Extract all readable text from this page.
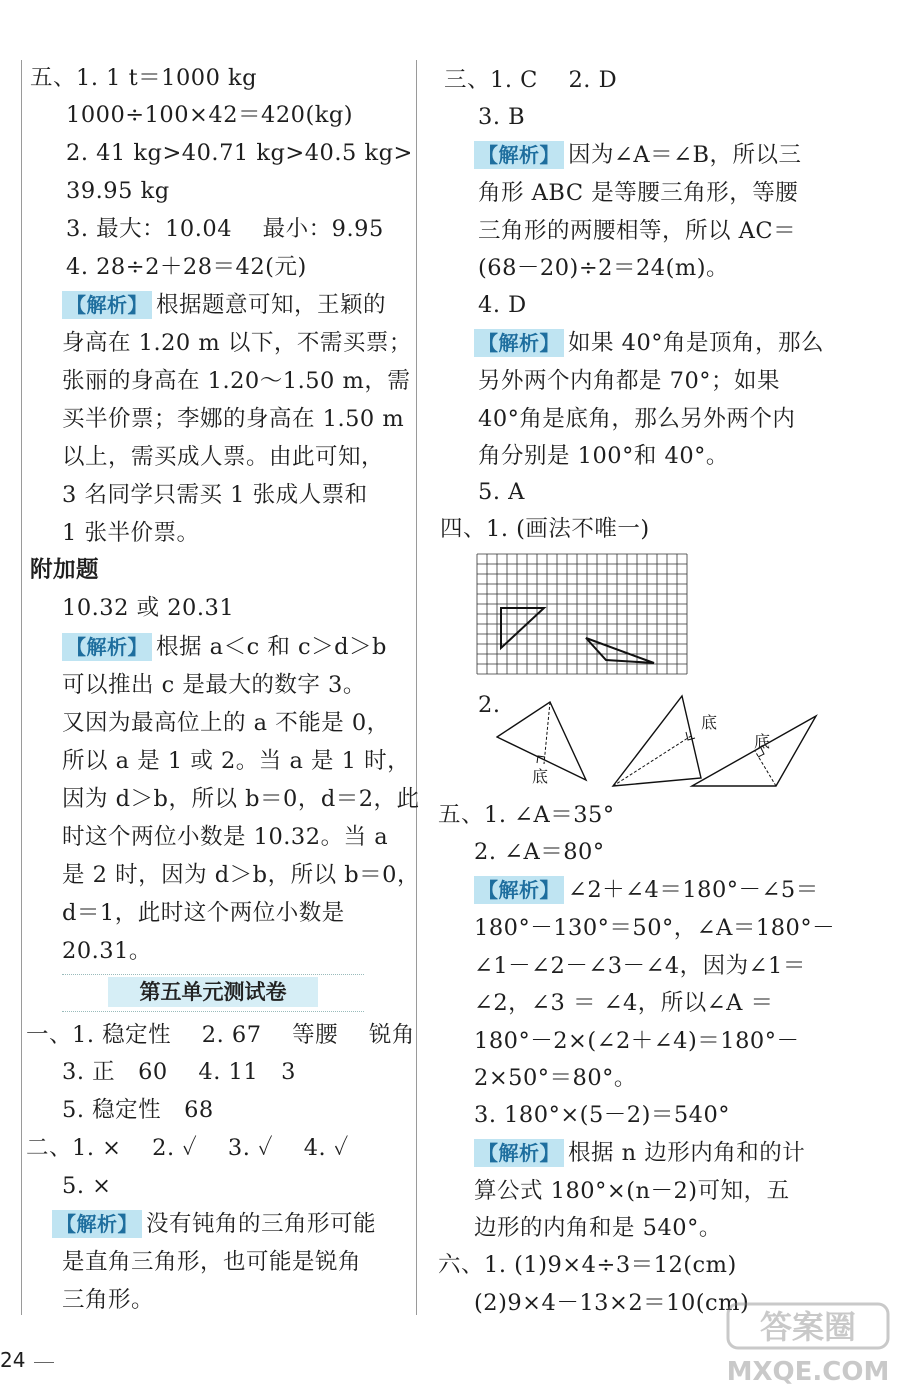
五、1. 1 t＝1000 kg
1000÷100×42＝420(kg)
2. 41 kg>40.71 kg>40.5 kg>
39.95 kg
3. 最大：10.04　 最小：9.95
4. 28÷2＋28＝42(元)
【解析】 根据题意可知，王颖的
身高在 1.20 m 以下，不需买票；
张丽的身高在 1.20～1.50 m，需
买半价票；李娜的身高在 1.50 m
以上，需买成人票。由此可知，
3 名同学只需买 1 张成人票和
1 张半价票。
附加题
10.32 或 20.31
【解析】 根据 a＜c 和 c＞d＞b
可以推出 c 是最大的数字 3。
又因为最高位上的 a 不能是 0，
所以 a 是 1 或 2。当 a 是 1 时，
因为 d＞b，所以 b＝0，d＝2，此
时这个两位小数是 10.32。当 a
是 2 时，因为 d＞b，所以 b＝0，
d＝1，此时这个两位小数是
20.31。
第五单元测试卷
一、1. 稳定性　 2. 67　 等腰　 锐角
3. 正　60　 4. 11　3
5. 稳定性　68
二、1. ×　 2. ✓　 3. ✓　 4. ✓
5. ×
【解析】 没有钝角的三角形可能
是直角三角形，也可能是锐角
三角形。
三、1. C　 2. D
3. B
【解析】 因为∠A＝∠B，所以三
角形 ABC 是等腰三角形，等腰
三角形的两腰相等，所以 AC＝
(68－20)÷2＝24(m)。
4. D
【解析】 如果 40°角是顶角，那么
另外两个内角都是 70°；如果
40°角是底角，那么另外两个内
角分别是 100°和 40°。
5. A
四、1. (画法不唯一)
2.
底
底
底
五、1. ∠A＝35°
2. ∠A＝80°
【解析】 ∠2＋∠4＝180°－∠5＝
180°－130°＝50°，∠A＝180°－
∠1－∠2－∠3－∠4，因为∠1＝
∠2，∠3 ＝ ∠4，所以∠A ＝
180°－2×(∠2＋∠4)＝180°－
2×50°＝80°。
3. 180°×(5－2)＝540°
【解析】 根据 n 边形内角和的计
算公式 180°×(n－2)可知，五
边形的内角和是 540°。
六、1. (1)9×4÷3＝12(cm)
(2)9×4－13×2＝10(cm)
24
答案圈
MXQE.COM
